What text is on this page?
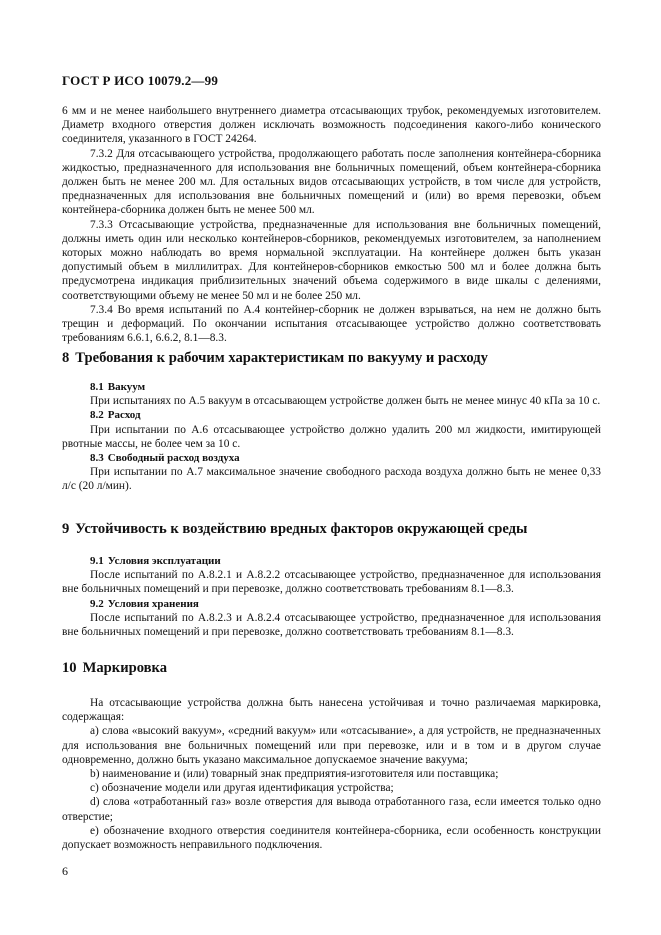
ГОСТ Р ИСО 10079.2—99

6 мм и не менее наибольшего внутреннего диаметра отсасывающих трубок, рекомендуемых изготовителем. Диаметр входного отверстия должен исключать возможность подсоединения какого-либо конического соединителя, указанного в ГОСТ 24264.

7.3.2 Для отсасывающего устройства, продолжающего работать после заполнения контейнера-сборника жидкостью, предназначенного для использования вне больничных помещений, объем контейнера-сборника должен быть не менее 200 мл. Для остальных видов отсасывающих устройств, в том числе для устройств, предназначенных для использования вне больничных помещений и (или) во время перевозки, объем контейнера-сборника должен быть не менее 500 мл.

7.3.3 Отсасывающие устройства, предназначенные для использования вне больничных помещений, должны иметь один или несколько контейнеров-сборников, рекомендуемых изготовителем, за наполнением которых можно наблюдать во время нормальной эксплуатации. На контейнере должен быть указан допустимый объем в миллилитрах. Для контейнеров-сборников емкостью 500 мл и более должна быть предусмотрена индикация приблизительных значений объема содержимого в виде шкалы с делениями, соответствующими объему не менее 50 мл и не более 250 мл.

7.3.4 Во время испытаний по А.4 контейнер-сборник не должен взрываться, на нем не должно быть трещин и деформаций. По окончании испытания отсасывающее устройство должно соответствовать требованиям 6.6.1, 6.6.2, 8.1—8.3.

8 Требования к рабочим характеристикам по вакууму и расходу

8.1 Вакуум

При испытаниях по А.5 вакуум в отсасывающем устройстве должен быть не менее минус 40 кПа за 10 с.

8.2 Расход

При испытании по А.6 отсасывающее устройство должно удалить 200 мл жидкости, имитирующей рвотные массы, не более чем за 10 с.

8.3 Свободный расход воздуха

При испытании по А.7 максимальное значение свободного расхода воздуха должно быть не менее 0,33 л/с (20 л/мин).

9 Устойчивость к воздействию вредных факторов окружающей среды

9.1 Условия эксплуатации

После испытаний по А.8.2.1 и А.8.2.2 отсасывающее устройство, предназначенное для использования вне больничных помещений и при перевозке, должно соответствовать требованиям 8.1—8.3.

9.2 Условия хранения

После испытаний по А.8.2.3 и А.8.2.4 отсасывающее устройство, предназначенное для использования вне больничных помещений и при перевозке, должно соответствовать требованиям 8.1—8.3.

10 Маркировка

На отсасывающие устройства должна быть нанесена устойчивая и точно различаемая маркировка, содержащая:

а) слова «высокий вакуум», «средний вакуум» или «отсасывание», а для устройств, не предназначенных для использования вне больничных помещений или при перевозке, или и в том и в другом случае одновременно, должно быть указано максимальное допускаемое значение вакуума;

b) наименование и (или) товарный знак предприятия-изготовителя или поставщика;

с) обозначение модели или другая идентификация устройства;

d) слова «отработанный газ» возле отверстия для вывода отработанного газа, если имеется только одно отверстие;

е) обозначение входного отверстия соединителя контейнера-сборника, если особенность конструкции допускает возможность неправильного подключения.

6
